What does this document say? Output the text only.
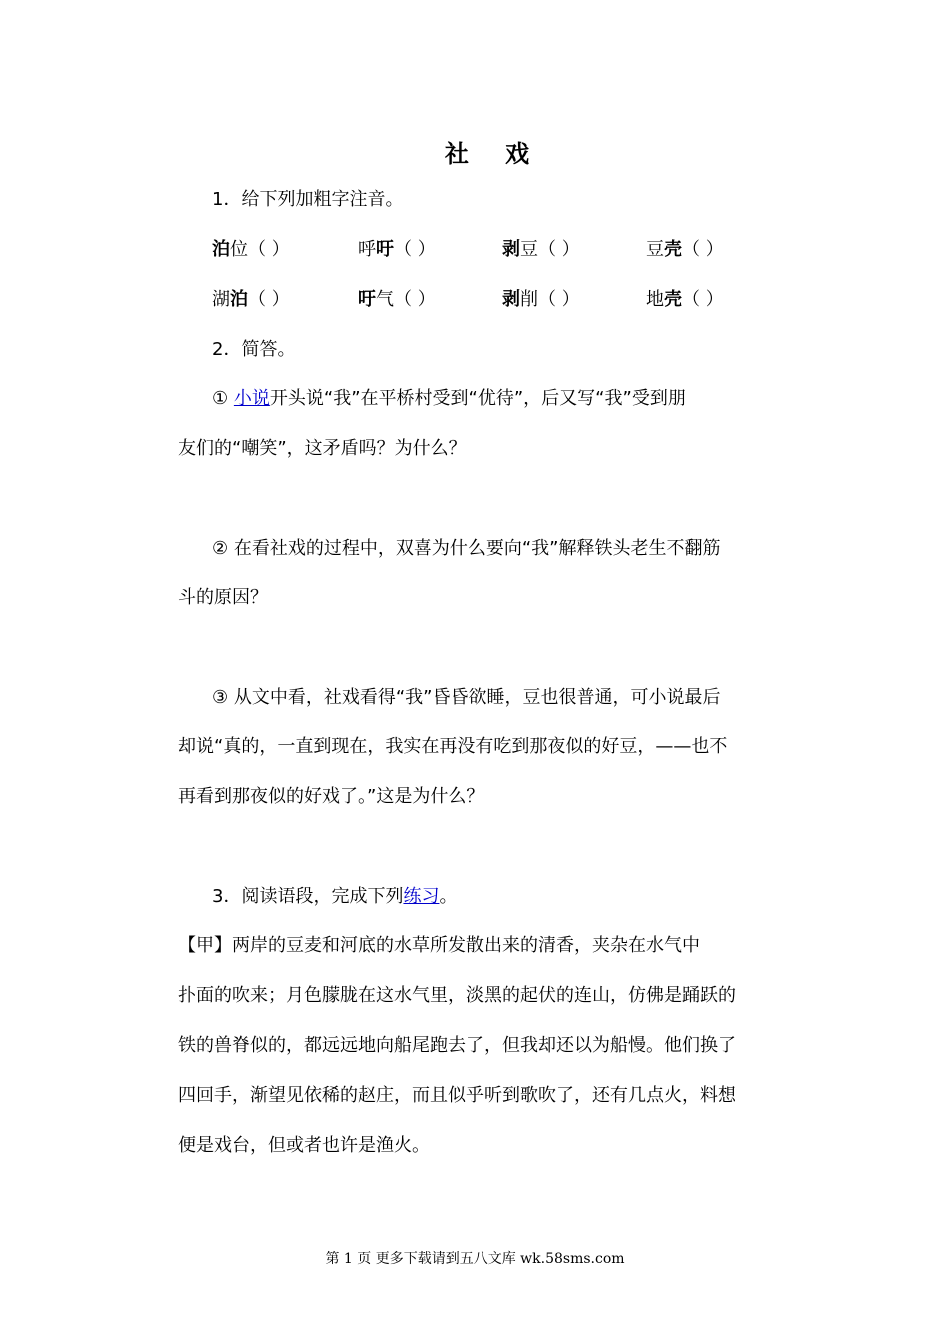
社 戏
1．给下列加粗字注音。
泊位（ ）	呼吁（ ）	剥豆（ ）	豆壳（ ）
湖泊（ ）	吁气（ ）	剥削（ ）	地壳（ ）
2．简答。
① 小说开头说“我”在平桥村受到“优待”，后又写“我”受到朋
友们的“嘲笑”，这矛盾吗？为什么？
② 在看社戏的过程中，双喜为什么要向“我”解释铁头老生不翻筋
斗的原因？
③ 从文中看，社戏看得“我”昏昏欲睡，豆也很普通，可小说最后
却说“真的，一直到现在，我实在再没有吃到那夜似的好豆，——也不
再看到那夜似的好戏了。”这是为什么？
3．阅读语段，完成下列练习。
【甲】两岸的豆麦和河底的水草所发散出来的清香，夹杂在水气中
扑面的吹来；月色朦胧在这水气里，淡黑的起伏的连山，仿佛是踊跃的
铁的兽脊似的，都远远地向船尾跑去了，但我却还以为船慢。他们换了
四回手，渐望见依稀的赵庄，而且似乎听到歌吹了，还有几点火，料想
便是戏台，但或者也许是渔火。
第 1 页 更多下载请到五八文库 wk.58sms.com
